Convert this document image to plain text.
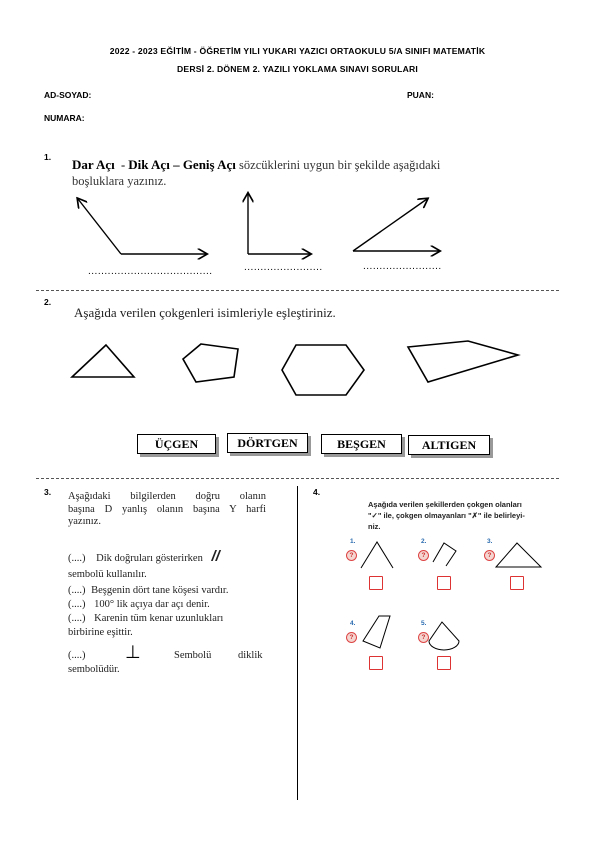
2022 - 2023 EĞİTİM - ÖĞRETİM YILI YUKARI YAZICI ORTAOKULU 5/A SINIFI MATEMATİK
DERSİ 2. DÖNEM 2. YAZILI YOKLAMA SINAVI SORULARI
AD-SOYAD:	PUAN:
NUMARA:
1. Dar Açı  - Dik Açı – Geniş Açı sözcüklerini uygun bir şekilde aşağıdaki
boşluklara yazınız.
......................................	........................	........................
2.
Aşağıda verilen çokgenleri isimleriyle eşleştiriniz.
ÜÇGEN	DÖRTGEN	BEŞGEN	ALTIGEN
3. Aşağıdaki bilgilerden doğru olanın
başına D yanlış olanın başına Y harfi
yazınız.
(....) Dik doğruları gösterirken //
sembolü kullanılır.
(....) Beşgenin dört tane köşesi vardır.
(....) 100° lik açıya dar açı denir.
(....) Karenin tüm kenar uzunlukları
birbirine eşittir.
(....)	⊥	Sembolü	diklik
sembolüdür.
4.
Aşağıda verilen şekillerden çokgen olanları
"✓" ile, çokgen olmayanları "✗" ile belirleyi-
niz.
1.	2.	3.
4.	5.
?	?	?
?	?
